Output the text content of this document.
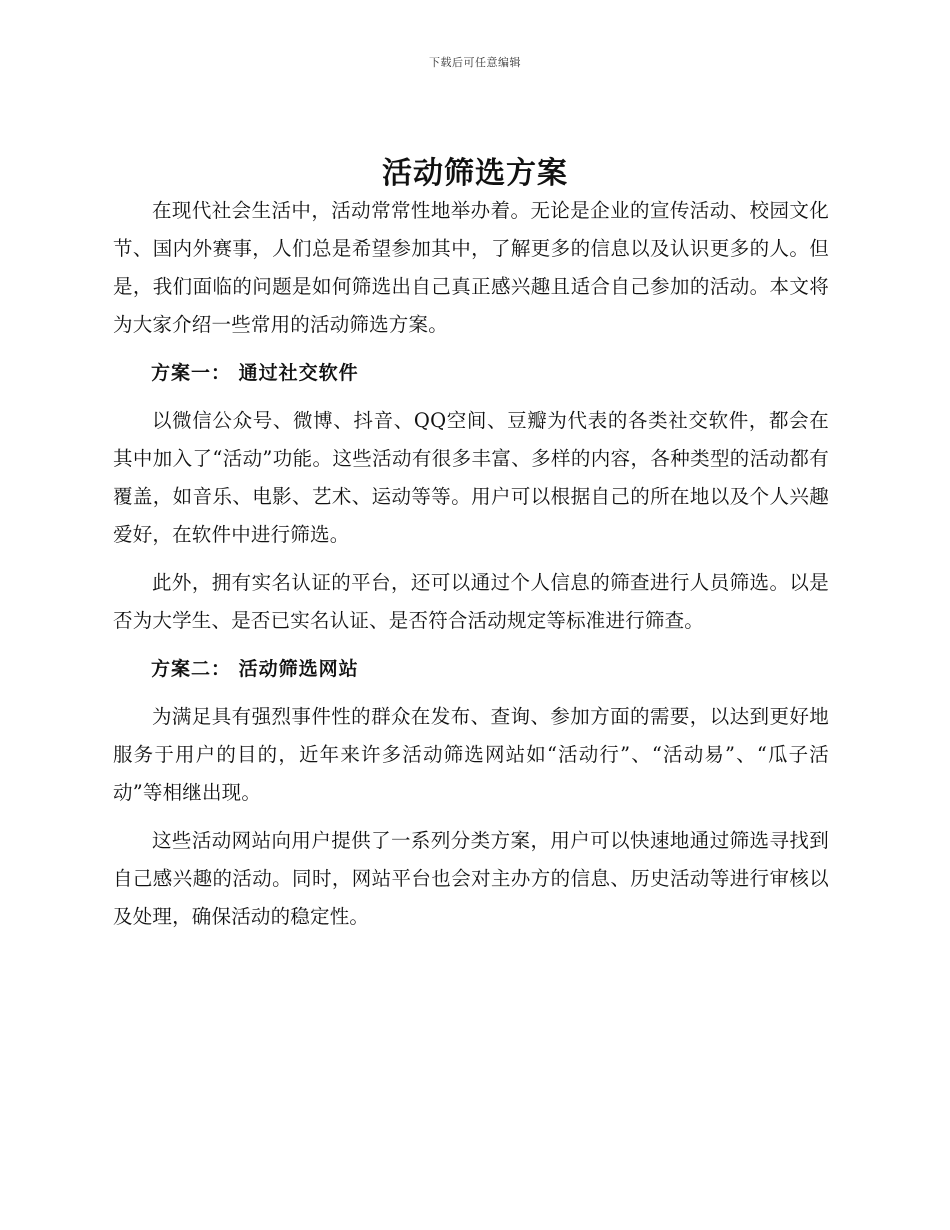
下载后可任意编辑
活动筛选方案

在现代社会生活中，活动常常性地举办着。无论是企业的宣传活动、校园文化节、国内外赛事，人们总是希望参加其中，了解更多的信息以及认识更多的人。但是，我们面临的问题是如何筛选出自己真正感兴趣且适合自己参加的活动。本文将为大家介绍一些常用的活动筛选方案。

方案一： 通过社交软件

以微信公众号、微博、抖音、QQ空间、豆瓣为代表的各类社交软件，都会在其中加入了“活动”功能。这些活动有很多丰富、多样的内容，各种类型的活动都有覆盖，如音乐、电影、艺术、运动等等。用户可以根据自己的所在地以及个人兴趣爱好，在软件中进行筛选。

此外，拥有实名认证的平台，还可以通过个人信息的筛查进行人员筛选。以是否为大学生、是否已实名认证、是否符合活动规定等标准进行筛查。

方案二： 活动筛选网站

为满足具有强烈事件性的群众在发布、查询、参加方面的需要，以达到更好地服务于用户的目的，近年来许多活动筛选网站如“活动行”、“活动易”、“瓜子活动”等相继出现。

这些活动网站向用户提供了一系列分类方案，用户可以快速地通过筛选寻找到自己感兴趣的活动。同时，网站平台也会对主办方的信息、历史活动等进行审核以及处理，确保活动的稳定性。
